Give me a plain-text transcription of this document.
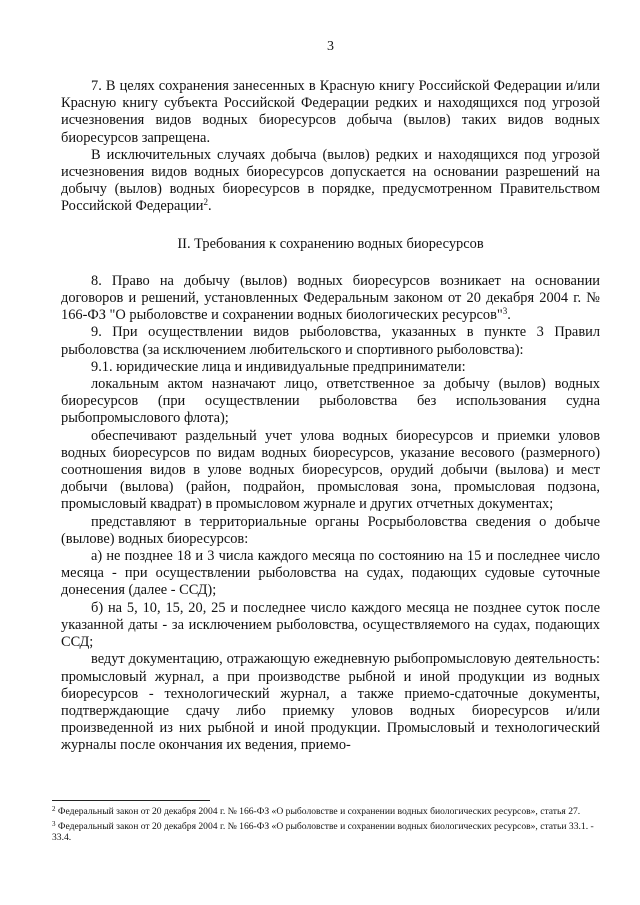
3

7. В целях сохранения занесенных в Красную книгу Российской Федерации и/или Красную книгу субъекта Российской Федерации редких и находящихся под угрозой исчезновения видов водных биоресурсов добыча (вылов) таких видов водных биоресурсов запрещена.

В исключительных случаях добыча (вылов) редких и находящихся под угрозой исчезновения видов водных биоресурсов допускается на основании разрешений на добычу (вылов) водных биоресурсов в порядке, предусмотренном Правительством Российской Федерации$^2$.

II. Требования к сохранению водных биоресурсов

8. Право на добычу (вылов) водных биоресурсов возникает на основании договоров и решений, установленных Федеральным законом от 20 декабря 2004 г. № 166-ФЗ "О рыболовстве и сохранении водных биологических ресурсов"$^3$.

9. При осуществлении видов рыболовства, указанных в пункте 3 Правил рыболовства (за исключением любительского и спортивного рыболовства):

9.1. юридические лица и индивидуальные предприниматели:

локальным актом назначают лицо, ответственное за добычу (вылов) водных биоресурсов (при осуществлении рыболовства без использования судна рыбопромыслового флота);

обеспечивают раздельный учет улова водных биоресурсов и приемки уловов водных биоресурсов по видам водных биоресурсов, указание весового (размерного) соотношения видов в улове водных биоресурсов, орудий добычи (вылова) и мест добычи (вылова) (район, подрайон, промысловая зона, промысловая подзона, промысловый квадрат) в промысловом журнале и других отчетных документах;

представляют в территориальные органы Росрыболовства сведения о добыче (вылове) водных биоресурсов:

а) не позднее 18 и 3 числа каждого месяца по состоянию на 15 и последнее число месяца - при осуществлении рыболовства на судах, подающих судовые суточные донесения (далее - ССД);

б) на 5, 10, 15, 20, 25 и последнее число каждого месяца не позднее суток после указанной даты - за исключением рыболовства, осуществляемого на судах, подающих ССД;

ведут документацию, отражающую ежедневную рыбопромысловую деятельность: промысловый журнал, а при производстве рыбной и иной продукции из водных биоресурсов - технологический журнал, а также приемо-сдаточные документы, подтверждающие сдачу либо приемку уловов водных биоресурсов и/или произведенной из них рыбной и иной продукции. Промысловый и технологический журналы после окончания их ведения, приемо-

$^2$ Федеральный закон от 20 декабря 2004 г. № 166-ФЗ «О рыболовстве и сохранении водных биологических ресурсов», статья 27.
$^3$ Федеральный закон от 20 декабря 2004 г. № 166-ФЗ «О рыболовстве и сохранении водных биологических ресурсов», статьи 33.1. - 33.4.
